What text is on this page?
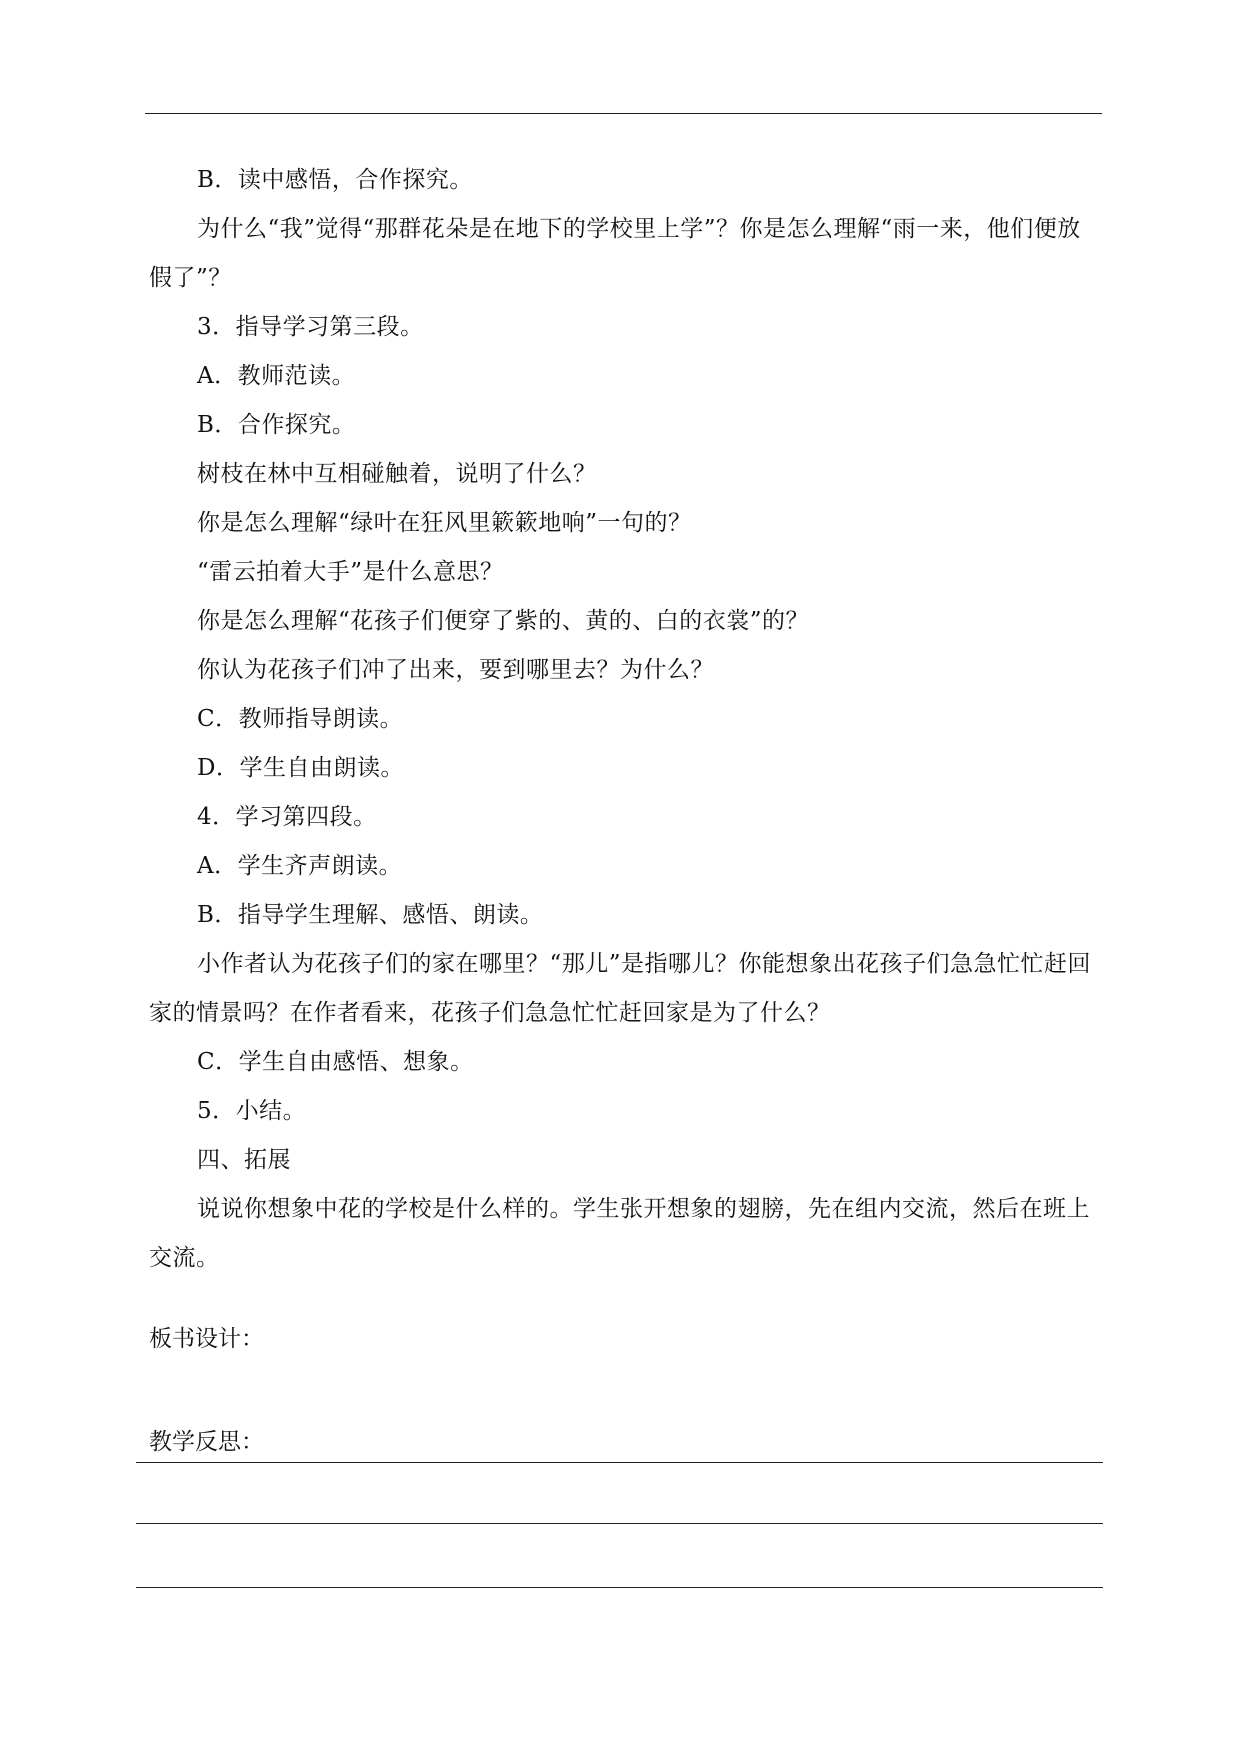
B．读中感悟，合作探究。

为什么“我”觉得“那群花朵是在地下的学校里上学”？你是怎么理解“雨一来，他们便放假了”？

3．指导学习第三段。

A．教师范读。

B．合作探究。

树枝在林中互相碰触着，说明了什么？

你是怎么理解“绿叶在狂风里簌簌地响”一句的？

“雷云拍着大手”是什么意思？

你是怎么理解“花孩子们便穿了紫的、黄的、白的衣裳”的？

你认为花孩子们冲了出来，要到哪里去？为什么？

C．教师指导朗读。

D．学生自由朗读。

4．学习第四段。

A．学生齐声朗读。

B．指导学生理解、感悟、朗读。

小作者认为花孩子们的家在哪里？“那儿”是指哪儿？你能想象出花孩子们急急忙忙赶回家的情景吗？在作者看来，花孩子们急急忙忙赶回家是为了什么？

C．学生自由感悟、想象。

5．小结。

四、拓展

说说你想象中花的学校是什么样的。学生张开想象的翅膀，先在组内交流，然后在班上交流。

板书设计：

教学反思：
